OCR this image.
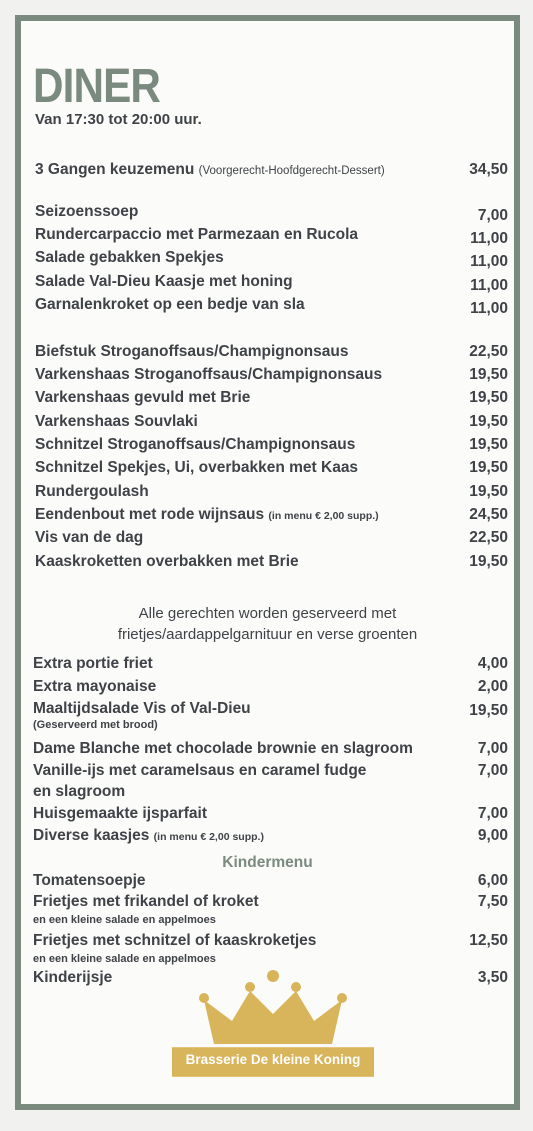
DINER
Van 17:30 tot 20:00 uur.
3 Gangen keuzemenu (Voorgerecht-Hoofdgerecht-Dessert)	34,50
Seizoenssoep	7,00
Rundercarpaccio met Parmezaan en Rucola	11,00
Salade gebakken Spekjes	11,00
Salade Val-Dieu Kaasje met honing	11,00
Garnalenkroket op een bedje van sla	11,00
Biefstuk Stroganoffsaus/Champignonsaus	22,50
Varkenshaas Stroganoffsaus/Champignonsaus	19,50
Varkenshaas gevuld met Brie	19,50
Varkenshaas Souvlaki	19,50
Schnitzel Stroganoffsaus/Champignonsaus	19,50
Schnitzel Spekjes, Ui, overbakken met Kaas	19,50
Rundergoulash	19,50
Eendenbout met rode wijnsaus (in menu € 2,00 supp.)	24,50
Vis van de dag	22,50
Kaaskroketten overbakken met Brie	19,50
Alle gerechten worden geserveerd met
frietjes/aardappelgarnituur en verse groenten
Extra portie friet	4,00
Extra mayonaise	2,00
Maaltijdsalade Vis of Val-Dieu	19,50
(Geserveerd met brood)
Dame Blanche met chocolade brownie en slagroom	7,00
Vanille-ijs met caramelsaus en caramel fudge	7,00
en slagroom
Huisgemaakte ijsparfait	7,00
Diverse kaasjes (in menu € 2,00 supp.)	9,00
Kindermenu
Tomatensoepje	6,00
Frietjes met frikandel of kroket	7,50
en een kleine salade en appelmoes
Frietjes met schnitzel of kaaskroketjes	12,50
en een kleine salade en appelmoes
Kinderijsje	3,50
Brasserie De kleine Koning
